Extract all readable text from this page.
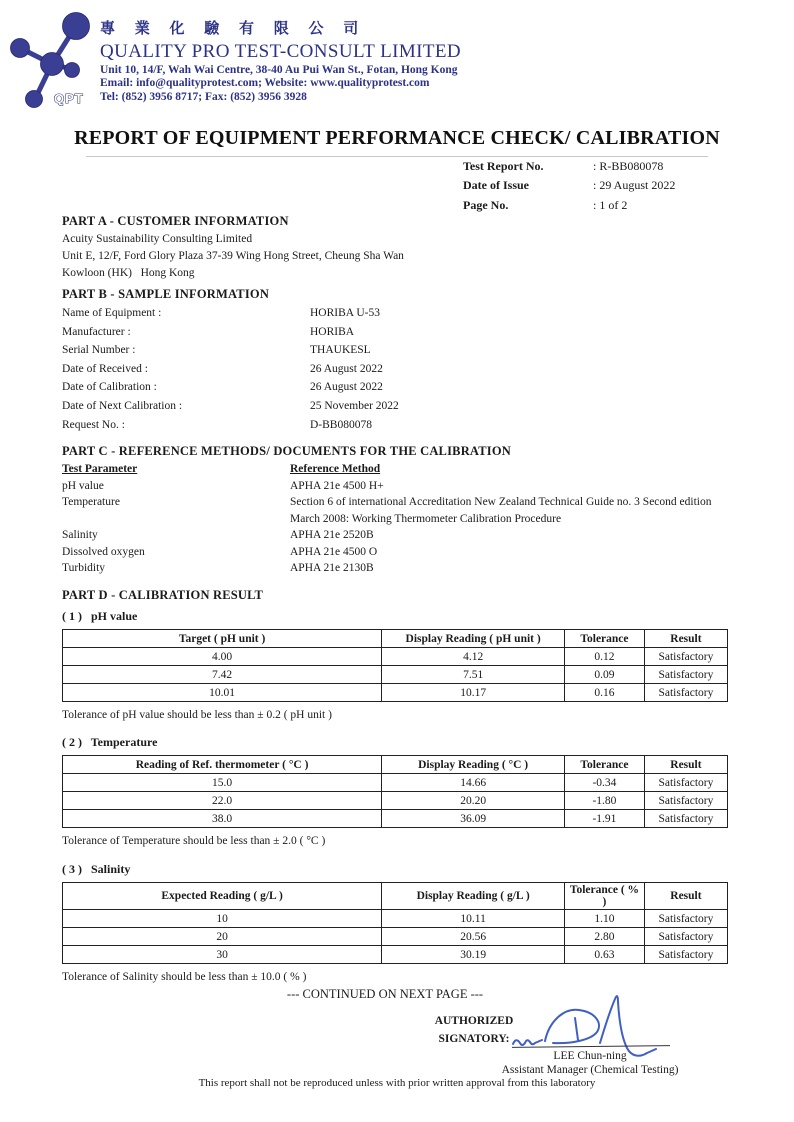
QPT
專 業 化 驗 有 限 公 司
QUALITY PRO TEST-CONSULT LIMITED
Unit 10, 14/F, Wah Wai Centre, 38-40 Au Pui Wan St., Fotan, Hong Kong
Email: info@qualityprotest.com; Website: www.qualityprotest.com
Tel: (852) 3956 8717; Fax: (852) 3956 3928
REPORT OF EQUIPMENT PERFORMANCE CHECK/ CALIBRATION
Test Report No.	: R-BB080078
Date of Issue	: 29 August 2022
Page No.	: 1 of 2
PART A - CUSTOMER INFORMATION
Acuity Sustainability Consulting Limited
Unit E, 12/F, Ford Glory Plaza 37-39 Wing Hong Street, Cheung Sha Wan
Kowloon (HK)   Hong Kong
PART B - SAMPLE INFORMATION
Name of Equipment :	HORIBA U-53
Manufacturer :	HORIBA
Serial Number :	THAUKESL
Date of Received :	26 August 2022
Date of Calibration :	26 August 2022
Date of Next Calibration :	25 November 2022
Request No. :	D-BB080078
PART C - REFERENCE METHODS/ DOCUMENTS FOR THE CALIBRATION
Test Parameter	Reference Method
pH value	APHA 21e 4500 H+
Temperature	Section 6 of international Accreditation New Zealand Technical Guide no. 3 Second edition March 2008: Working Thermometer Calibration Procedure
Salinity	APHA 21e 2520B
Dissolved oxygen	APHA 21e 4500 O
Turbidity	APHA 21e 2130B
PART D - CALIBRATION RESULT
( 1 )   pH value
Target ( pH unit )	Display Reading ( pH unit )	Tolerance	Result
4.00	4.12	0.12	Satisfactory
7.42	7.51	0.09	Satisfactory
10.01	10.17	0.16	Satisfactory
Tolerance of pH value should be less than ± 0.2 ( pH unit )
( 2 )   Temperature
Reading of Ref. thermometer ( °C )	Display Reading ( °C )	Tolerance	Result
15.0	14.66	-0.34	Satisfactory
22.0	20.20	-1.80	Satisfactory
38.0	36.09	-1.91	Satisfactory
Tolerance of Temperature should be less than ± 2.0 ( °C )
( 3 )   Salinity
Expected Reading ( g/L )	Display Reading ( g/L )	Tolerance ( % )	Result
10	10.11	1.10	Satisfactory
20	20.56	2.80	Satisfactory
30	30.19	0.63	Satisfactory
Tolerance of Salinity should be less than ± 10.0 ( % )
--- CONTINUED ON NEXT PAGE ---
AUTHORIZED
SIGNATORY:
LEE Chun-ning
Assistant Manager (Chemical Testing)
This report shall not be reproduced unless with prior written approval from this laboratory
